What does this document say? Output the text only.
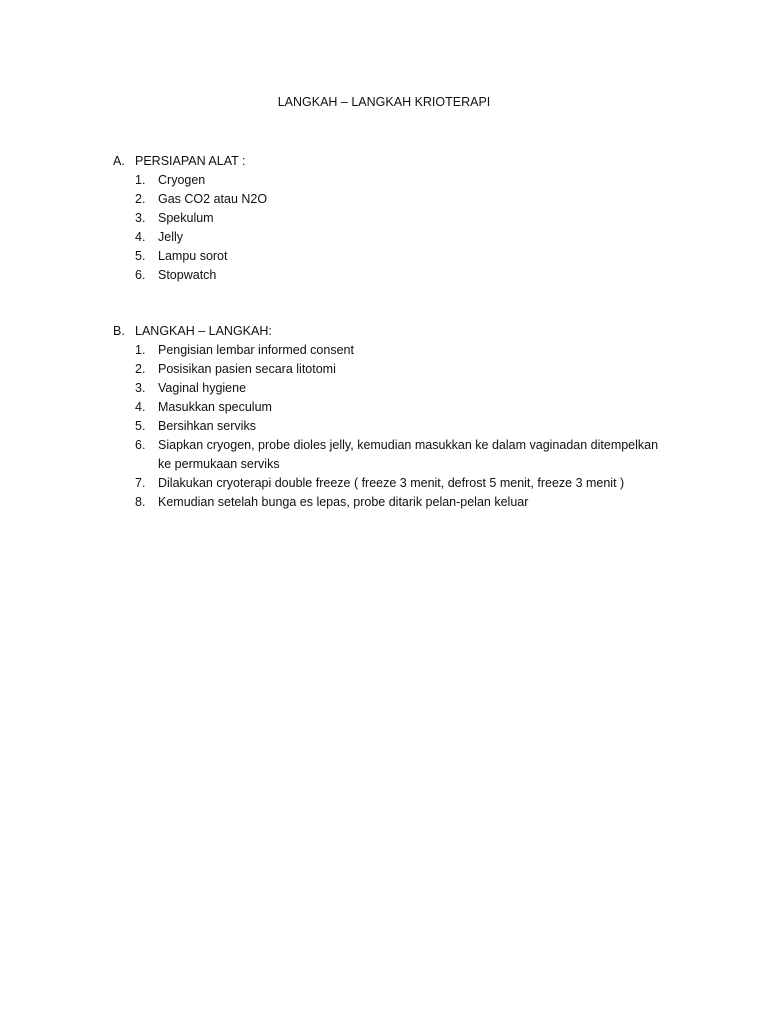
LANGKAH – LANGKAH KRIOTERAPI
A. PERSIAPAN ALAT :
1. Cryogen
2. Gas CO2 atau N2O
3. Spekulum
4. Jelly
5. Lampu sorot
6. Stopwatch
B. LANGKAH – LANGKAH:
1. Pengisian lembar informed consent
2. Posisikan pasien secara litotomi
3. Vaginal hygiene
4. Masukkan speculum
5. Bersihkan serviks
6. Siapkan cryogen, probe dioles jelly, kemudian masukkan ke dalam vaginadan ditempelkan ke permukaan serviks
7. Dilakukan cryoterapi double freeze ( freeze 3 menit, defrost 5 menit, freeze 3 menit )
8. Kemudian setelah bunga es lepas, probe ditarik pelan-pelan keluar
